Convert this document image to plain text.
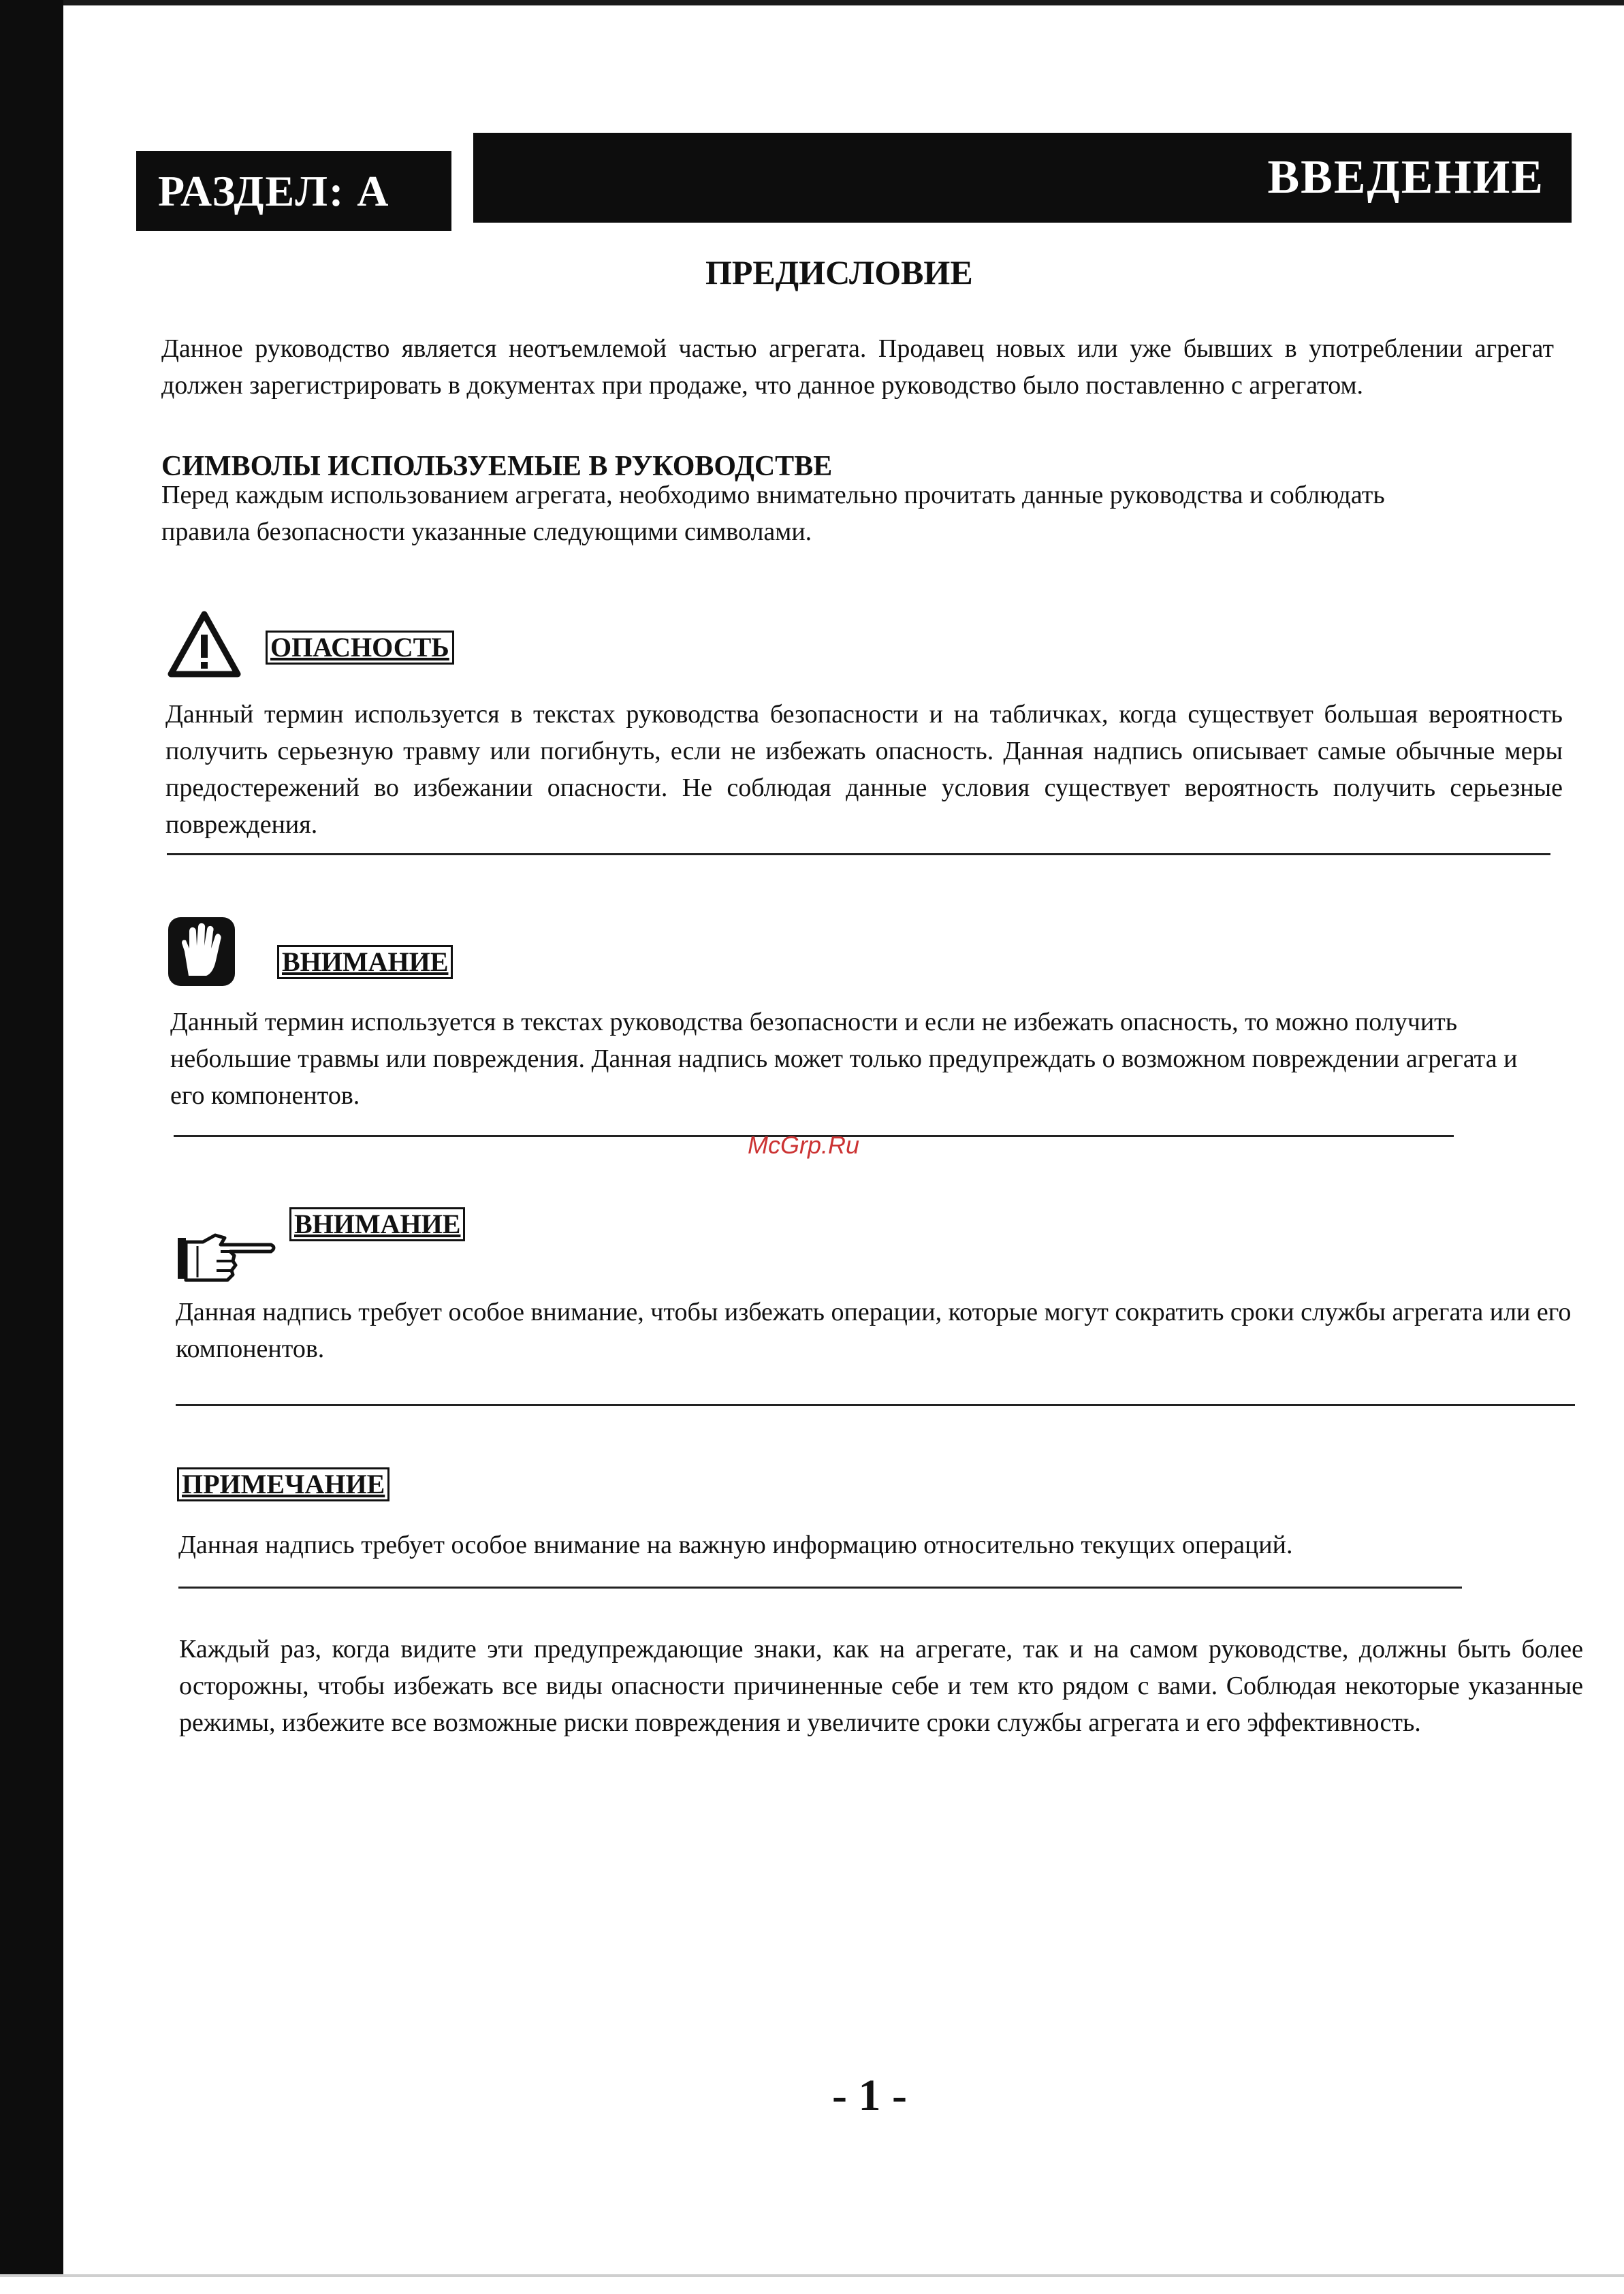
РАЗДЕЛ: А	ВВЕДЕНИЕ
ПРЕДИСЛОВИЕ
Данное руководство является неотъемлемой частью агрегата. Продавец новых или уже бывших в употреблении агрегат должен зарегистрировать в документах при продаже, что данное руководство было поставленно с агрегатом.
СИМВОЛЫ ИСПОЛЬЗУЕМЫЕ В РУКОВОДСТВЕ
Перед каждым использованием агрегата, необходимо внимательно прочитать данные руководства и соблюдать правила безопасности указанные следующими символами.
ОПАСНОСТЬ
Данный термин используется в текстах руководства безопасности и на табличках, когда существует большая вероятность получить серьезную травму или погибнуть, если не избежать опасность. Данная надпись описывает самые обычные меры предостережений во избежании опасности. Не соблюдая данные условия существует вероятность получить серьезные повреждения.
ВНИМАНИЕ
Данный термин используется в текстах руководства безопасности и если не избежать опасность, то можно получить небольшие травмы или повреждения. Данная надпись может только предупреждать о возможном повреждении агрегата и его компонентов.
McGrp.Ru
ВНИМАНИЕ
Данная надпись требует особое внимание, чтобы избежать операции, которые могут сократить сроки службы агрегата или его компонентов.
ПРИМЕЧАНИЕ
Данная надпись требует особое внимание на важную информацию относительно текущих операций.
Каждый раз, когда видите эти предупреждающие знаки, как на агрегате, так и на самом руководстве, должны быть более осторожны, чтобы избежать все виды опасности причиненные себе и тем кто рядом с вами. Соблюдая некоторые указанные режимы, избежите все возможные риски повреждения и увеличите сроки службы агрегата и его эффективность.
- 1 -
